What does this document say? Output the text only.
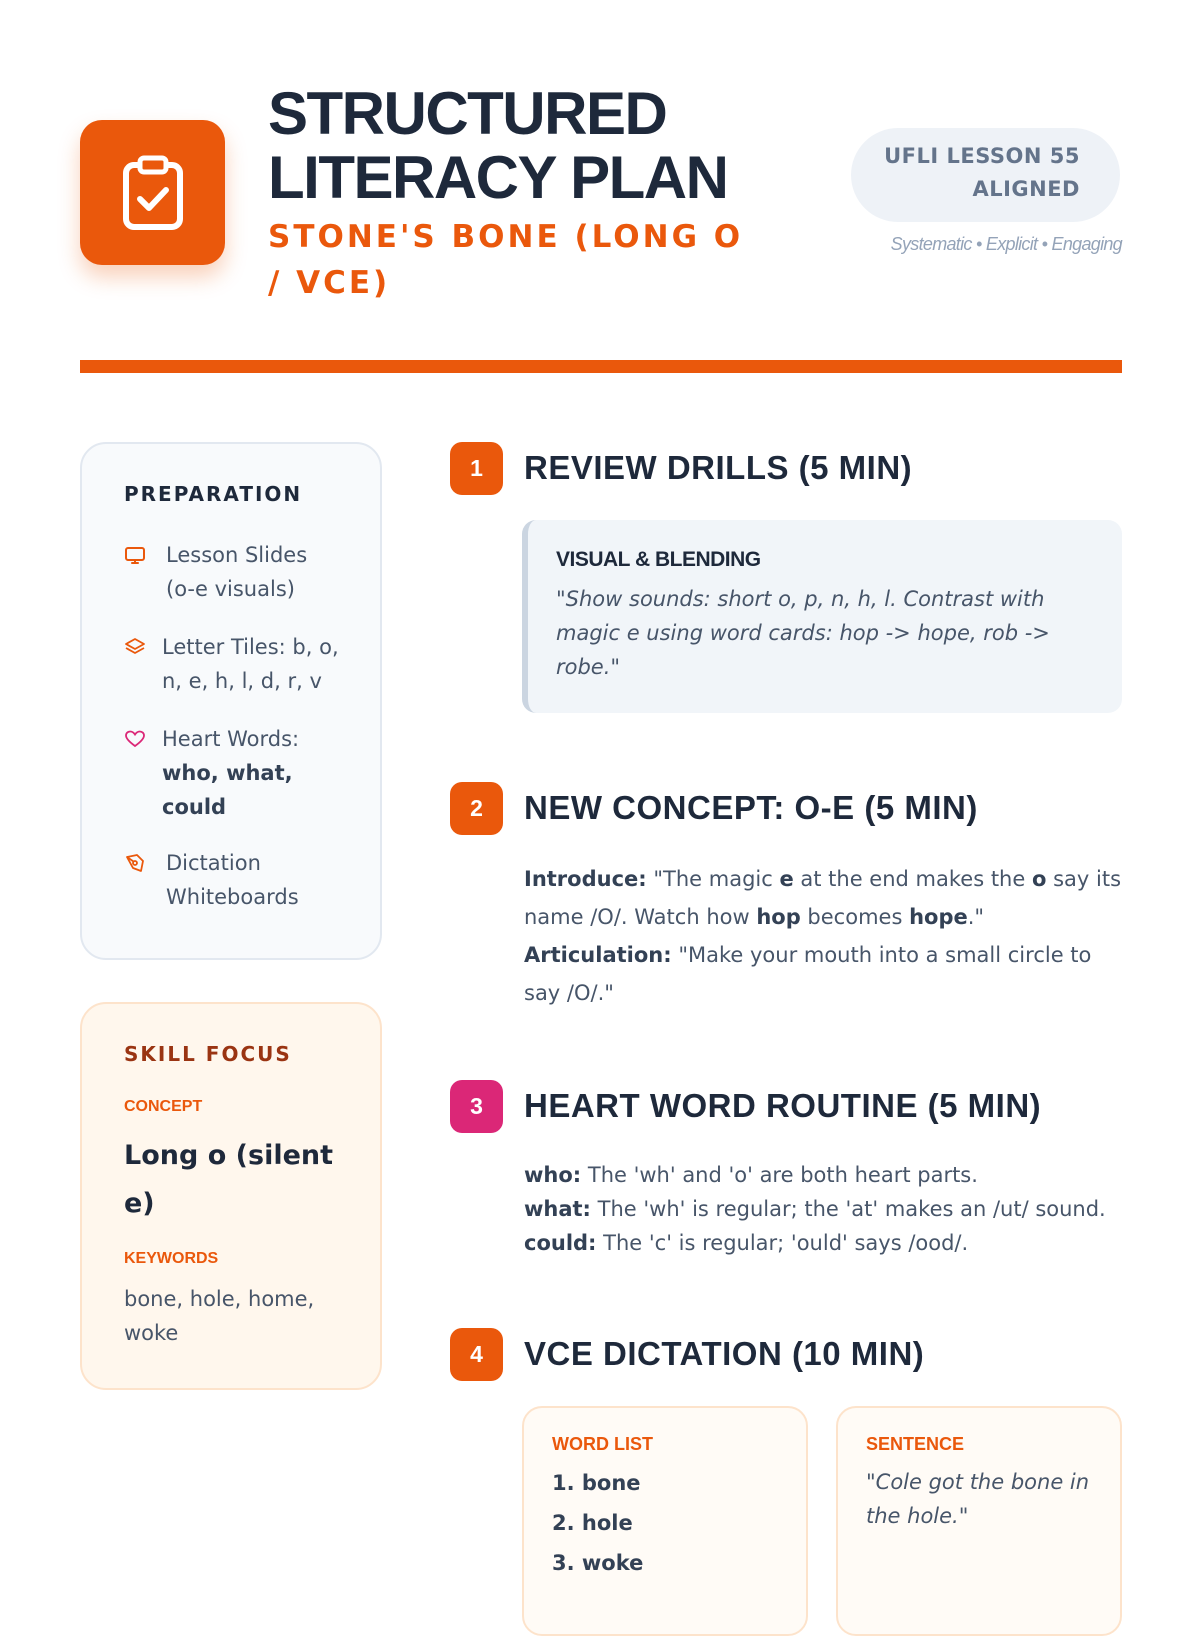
STRUCTURED LITERACY PLAN
STONE'S BONE (LONG O / VCE)
UFLI LESSON 55 ALIGNED
Systematic • Explicit • Engaging
PREPARATION
Lesson Slides (o-e visuals)
Letter Tiles: b, o, n, e, h, l, d, r, v
Heart Words:
who, what, could
Dictation Whiteboards
SKILL FOCUS
CONCEPT
Long o (silent e)
KEYWORDS
bone, hole, home, woke
1	REVIEW DRILLS (5 MIN)
VISUAL & BLENDING
"Show sounds: short o, p, n, h, l. Contrast with magic e using word cards: hop -> hope, rob -> robe."
2	NEW CONCEPT: O-E (5 MIN)
Introduce: "The magic e at the end makes the o say its name /O/. Watch how hop becomes hope."
Articulation: "Make your mouth into a small circle to say /O/."
3	HEART WORD ROUTINE (5 MIN)
who: The 'wh' and 'o' are both heart parts.
what: The 'wh' is regular; the 'at' makes an /ut/ sound.
could: The 'c' is regular; 'ould' says /ood/.
4	VCE DICTATION (10 MIN)
WORD LIST
1. bone
2. hole
3. woke
SENTENCE
"Cole got the bone in the hole."
